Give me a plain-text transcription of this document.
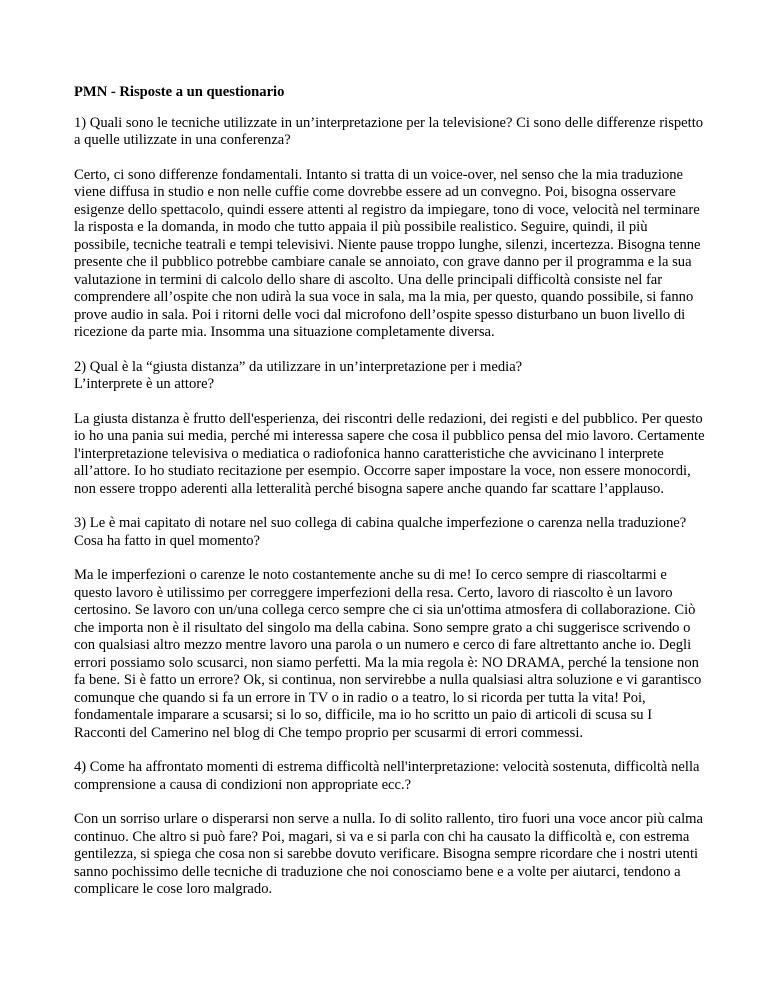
PMN - Risposte a un questionario
1) Quali sono le tecniche utilizzate in un’interpretazione per la televisione? Ci sono delle differenze rispetto a quelle utilizzate in una conferenza?
Certo, ci sono differenze fondamentali. Intanto si tratta di un voice-over, nel senso che la mia traduzione viene diffusa in studio e non nelle cuffie come dovrebbe essere ad un convegno. Poi, bisogna osservare esigenze dello spettacolo, quindi essere attenti al registro da impiegare, tono di voce, velocità nel terminare la risposta e la domanda, in modo che tutto appaia il più possibile realistico. Seguire, quindi, il più possibile, tecniche teatrali e tempi televisivi. Niente pause troppo lunghe, silenzi, incertezza. Bisogna tenne presente che il pubblico potrebbe cambiare canale se annoiato, con grave danno per il programma e la sua valutazione in termini di calcolo dello share di ascolto. Una delle principali difficoltà consiste nel far comprendere all’ospite che non udirà la sua voce in sala, ma la mia, per questo, quando possibile, si fanno prove audio in sala. Poi i ritorni delle voci dal microfono dell’ospite spesso disturbano un buon livello di ricezione da parte mia. Insomma una situazione completamente diversa.
2) Qual è la “giusta distanza” da utilizzare in un’interpretazione per i media?
L’interprete è un attore?
La giusta distanza è frutto dell'esperienza, dei riscontri delle redazioni, dei registi e del pubblico. Per questo io ho una pania sui media, perché mi interessa sapere che cosa il pubblico pensa del mio lavoro. Certamente l'interpretazione televisiva o mediatica o radiofonica hanno caratteristiche che avvicinano l interprete all’attore. Io ho studiato recitazione per esempio. Occorre saper impostare la voce, non essere monocordi, non essere troppo aderenti alla letteralità perché bisogna sapere anche quando far scattare l’applauso.
3) Le è mai capitato di notare nel suo collega di cabina qualche imperfezione o carenza nella traduzione? Cosa ha fatto in quel momento?
Ma le imperfezioni o carenze le noto costantemente anche su di me! Io cerco sempre di riascoltarmi e questo lavoro è utilissimo per correggere imperfezioni della resa. Certo, lavoro di riascolto è un lavoro certosino. Se lavoro con un/una collega cerco sempre che ci sia un'ottima atmosfera di collaborazione. Ciò che importa non è il risultato del singolo ma della cabina. Sono sempre grato a chi suggerisce scrivendo o con qualsiasi altro mezzo mentre lavoro una parola o un numero e cerco di fare altrettanto anche io. Degli errori possiamo solo scusarci, non siamo perfetti. Ma la mia regola è: NO DRAMA, perché la tensione non fa bene. Si è fatto un errore? Ok, si continua, non servirebbe a nulla qualsiasi altra soluzione e vi garantisco comunque che quando si fa un errore in TV o in radio o a teatro, lo si ricorda per tutta la vita! Poi, fondamentale imparare a scusarsi; si lo so, difficile, ma io ho scritto un paio di articoli di scusa su I Racconti del Camerino nel blog di Che tempo proprio per scusarmi di errori commessi.
4) Come ha affrontato momenti di estrema difficoltà nell'interpretazione: velocità sostenuta, difficoltà nella comprensione a causa di condizioni non appropriate ecc.?
Con un sorriso urlare o disperarsi non serve a nulla. Io di solito rallento, tiro fuori una voce ancor più calma continuo. Che altro si può fare? Poi, magari, si va e si parla con chi ha causato la difficoltà e, con estrema gentilezza, si spiega che cosa non si sarebbe dovuto verificare. Bisogna sempre ricordare che i nostri utenti sanno pochissimo delle tecniche di traduzione che noi conosciamo bene e a volte per aiutarci, tendono a complicare le cose loro malgrado.
